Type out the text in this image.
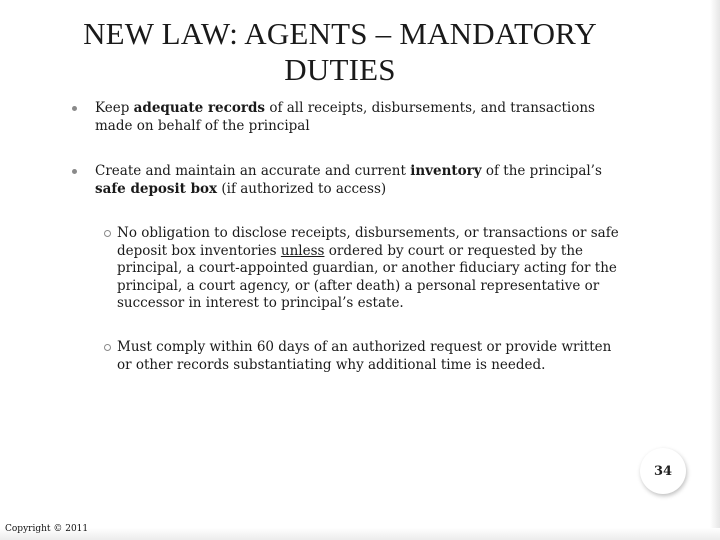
NEW LAW: AGENTS – MANDATORY
DUTIES
Keep adequate records of all receipts, disbursements, and transactions made on behalf of the principal
Create and maintain an accurate and current inventory of the principal’s safe deposit box (if authorized to access)
No obligation to disclose receipts, disbursements, or transactions or safe deposit box inventories unless ordered by court or requested by the principal, a court-appointed guardian, or another fiduciary acting for the principal, a court agency, or (after death) a personal representative or successor in interest to principal’s estate.
Must comply within 60 days of an authorized request or provide written or other records substantiating why additional time is needed.
34
Copyright © 2011
